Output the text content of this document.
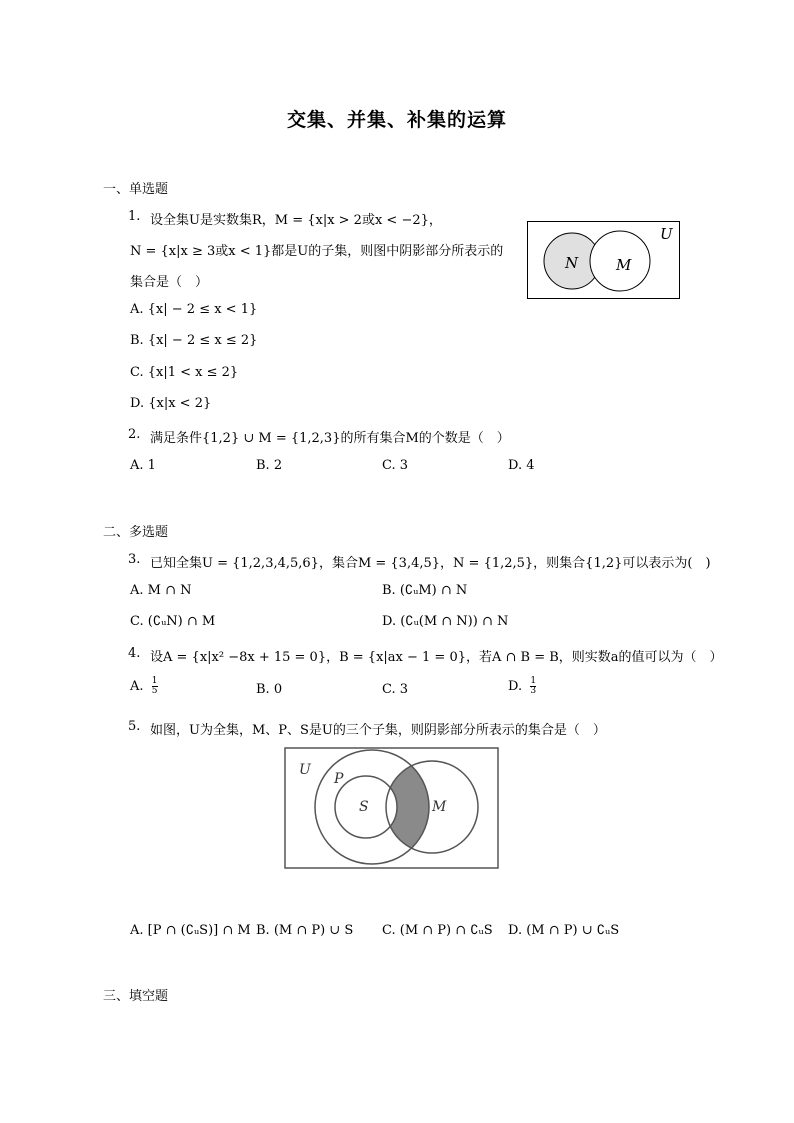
交集、并集、补集的运算
一、单选题
1. 设全集U是实数集R，M = {x|x > 2或x < −2}，
N = {x|x ≥ 3或x < 1}都是U的子集，则图中阴影部分所表示的
集合是（　）
A. {x| − 2 ≤ x < 1}
B. {x| − 2 ≤ x ≤ 2}
C. {x|1 < x ≤ 2}
D. {x|x < 2}
U
N	M
2. 满足条件{1,2} ∪ M = {1,2,3}的所有集合M的个数是（　）
A. 1	B. 2	C. 3	D. 4
二、多选题
3. 已知全集U = {1,2,3,4,5,6}，集合M = {3,4,5}，N = {1,2,5}，则集合{1,2}可以表示为(　)
A. M ∩ N	B. (∁ᵤM) ∩ N
C. (∁ᵤN) ∩ M	D. (∁ᵤ(M ∩ N)) ∩ N
4. 设A = {x|x² −8x + 15 = 0}，B = {x|ax − 1 = 0}，若A ∩ B = B，则实数a的值可以为（　）
A. $\frac{1}{5}$	B. 0	C. 3	D. $\frac{1}{3}$
5. 如图，U为全集，M、P、S是U的三个子集，则阴影部分所表示的集合是（　）
U
P
S	M
A. [P ∩ (∁ᵤS)] ∩ M B. (M ∩ P) ∪ S C. (M ∩ P) ∩ ∁ᵤS D. (M ∩ P) ∪ ∁ᵤS
三、填空题
